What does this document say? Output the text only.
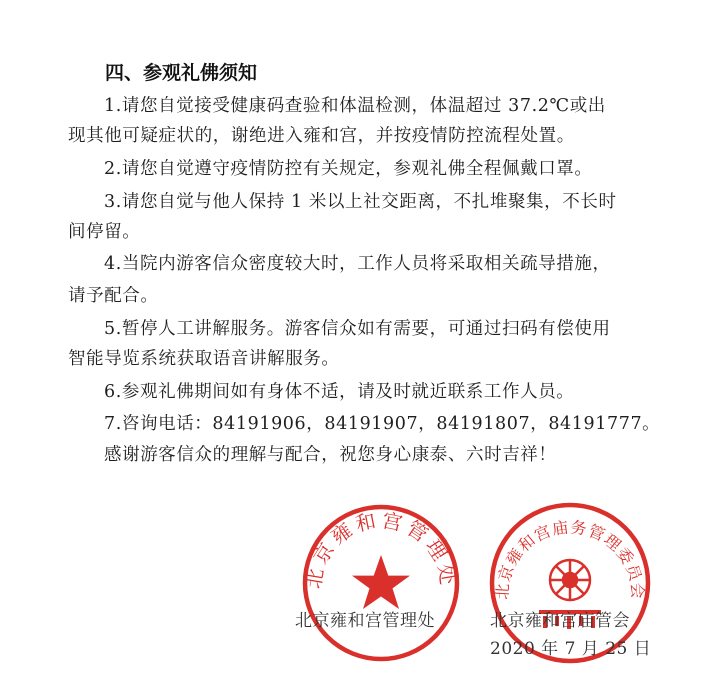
四、参观礼佛须知
1.请您自觉接受健康码查验和体温检测，体温超过 37.2℃或出
现其他可疑症状的，谢绝进入雍和宫，并按疫情防控流程处置。
2.请您自觉遵守疫情防控有关规定，参观礼佛全程佩戴口罩。
3.请您自觉与他人保持 1 米以上社交距离，不扎堆聚集，不长时
间停留。
4.当院内游客信众密度较大时，工作人员将采取相关疏导措施，
请予配合。
5.暂停人工讲解服务。游客信众如有需要，可通过扫码有偿使用
智能导览系统获取语音讲解服务。
6.参观礼佛期间如有身体不适，请及时就近联系工作人员。
7.咨询电话：84191906，84191907，84191807，84191777。
感谢游客信众的理解与配合，祝您身心康泰、六时吉祥！
北京雍和宫管理处
北京雍和宫庙务管理委员会
北京雍和宫管理处	北京雍和宫庙管会
2020 年 7 月 25 日
